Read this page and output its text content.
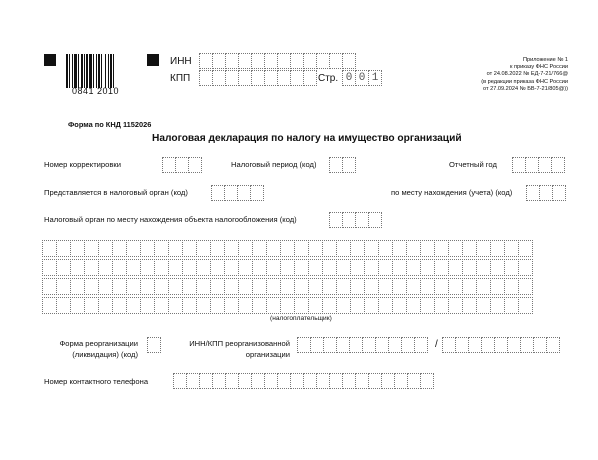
0841 2010
ИНН
КПП	Стр. 0 0 1
Приложение № 1
к приказу ФНС России
от 24.08.2022 № ЕД-7-21/766@
(в редакции приказа ФНС России
от 27.09.2024 № БВ-7-21/805@))
Форма по КНД 1152026
Налоговая декларация по налогу на имущество организаций
Номер корректировки	Налоговый период (код)	Отчетный год
Представляется в налоговый орган (код)	по месту нахождения (учета) (код)
Налоговый орган по месту нахождения объекта налогообложения (код)
(налогоплательщик)
Форма реорганизации
(ликвидация) (код)
ИНН/КПП реорганизованной
организации
/
Номер контактного телефона
